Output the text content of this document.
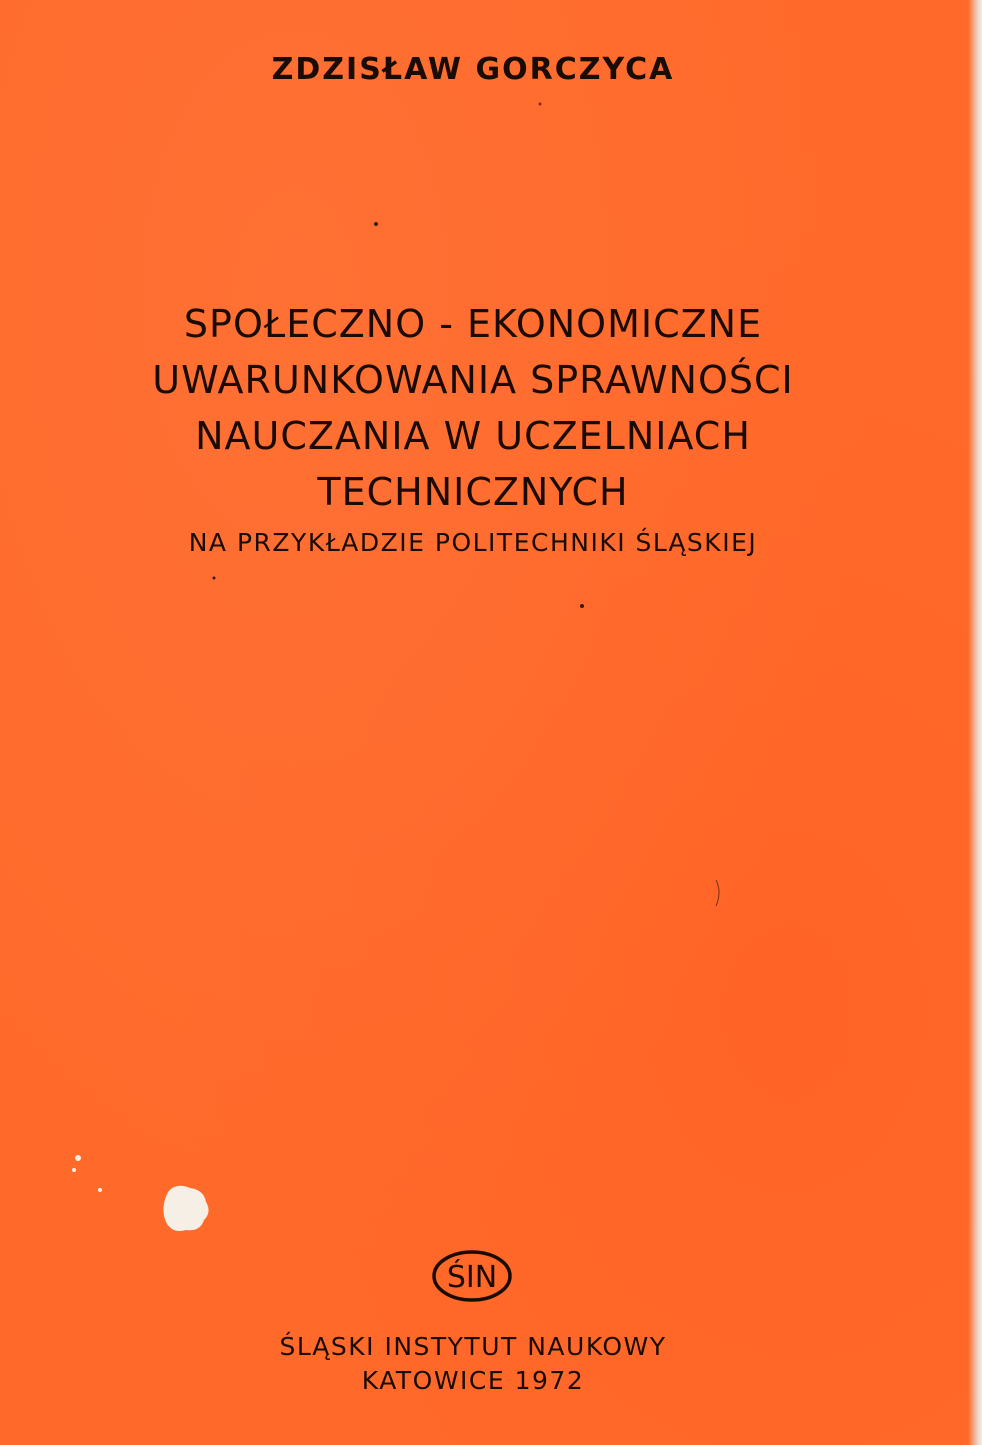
ZDZISŁAW GORCZYCA
SPOŁECZNO - EKONOMICZNE
UWARUNKOWANIA SPRAWNOŚCI
NAUCZANIA W UCZELNIACH
TECHNICZNYCH
NA PRZYKŁADZIE POLITECHNIKI ŚLĄSKIEJ
ŚIN
ŚLĄSKI INSTYTUT NAUKOWY
KATOWICE 1972
